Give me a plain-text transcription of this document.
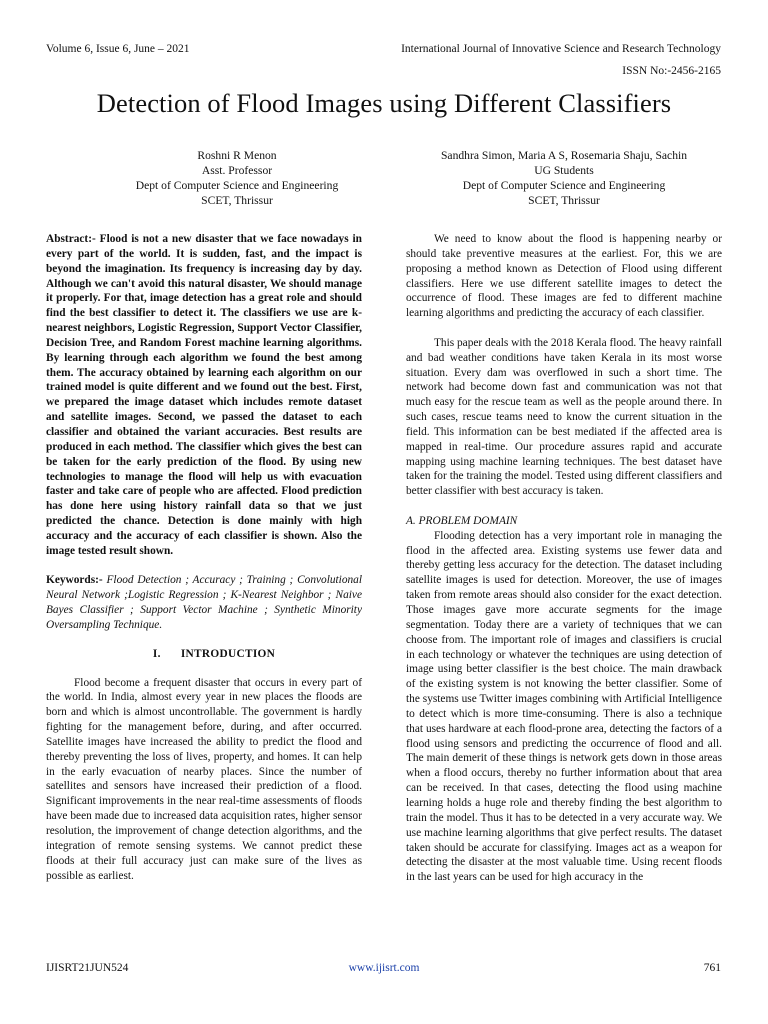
Volume 6, Issue 6, June – 2021	International Journal of Innovative Science and Research Technology
ISSN No:-2456-2165
Detection of Flood Images using Different Classifiers
Roshni R Menon
Asst. Professor
Dept of Computer Science and Engineering
SCET, Thrissur
Sandhra Simon, Maria A S, Rosemaria Shaju, Sachin
UG Students
Dept of Computer Science and Engineering
SCET, Thrissur

Abstract:- Flood is not a new disaster that we face nowadays in every part of the world. It is sudden, fast, and the impact is beyond the imagination. Its frequency is increasing day by day. Although we can't avoid this natural disaster, We should manage it properly. For that, image detection has a great role and should find the best classifier to detect it. The classifiers we use are k-nearest neighbors, Logistic Regression, Support Vector Classifier, Decision Tree, and Random Forest machine learning algorithms. By learning through each algorithm we found the best among them. The accuracy obtained by learning each algorithm on our trained model is quite different and we found out the best. First, we prepared the image dataset which includes remote dataset and satellite images. Second, we passed the dataset to each classifier and obtained the variant accuracies. Best results are produced in each method. The classifier which gives the best can be taken for the early prediction of the flood. By using new technologies to manage the flood will help us with evacuation faster and take care of people who are affected. Flood prediction has done here using history rainfall data so that we just predicted the chance. Detection is done mainly with high accuracy and the accuracy of each classifier is shown. Also the image tested result shown.

Keywords:- Flood Detection ; Accuracy ; Training ; Convolutional Neural Network ;Logistic Regression ; K-Nearest Neighbor ; Naive Bayes Classifier ; Support Vector Machine ; Synthetic Minority Oversampling Technique.

I. INTRODUCTION

Flood become a frequent disaster that occurs in every part of the world. In India, almost every year in new places the floods are born and which is almost uncontrollable. The government is hardly fighting for the management before, during, and after occurred. Satellite images have increased the ability to predict the flood and thereby preventing the loss of lives, property, and homes. It can help in the early evacuation of nearby places. Since the number of satellites and sensors have increased their prediction of a flood. Significant improvements in the near real-time assessments of floods have been made due to increased data acquisition rates, higher sensor resolution, the improvement of change detection algorithms, and the integration of remote sensing systems. We cannot predict these floods at their full accuracy just can make sure of the lives as possible as earliest.

We need to know about the flood is happening nearby or should take preventive measures at the earliest. For, this we are proposing a method known as Detection of Flood using different classifiers. Here we use different satellite images to detect the occurrence of flood. These images are fed to different machine learning algorithms and predicting the accuracy of each classifier.

This paper deals with the 2018 Kerala flood. The heavy rainfall and bad weather conditions have taken Kerala in its most worse situation. Every dam was overflowed in such a short time. The network had become down fast and communication was not that much easy for the rescue team as well as the people around there. In such cases, rescue teams need to know the current situation in the field. This information can be best mediated if the affected area is mapped in real-time. Our procedure assures rapid and accurate mapping using machine learning techniques. The best dataset have taken for the training the model. Tested using different classifiers and better classifier with best accuracy is taken.

A. PROBLEM DOMAIN

Flooding detection has a very important role in managing the flood in the affected area. Existing systems use fewer data and thereby getting less accuracy for the detection. The dataset including satellite images is used for detection. Moreover, the use of images taken from remote areas should also consider for the exact detection. Those images gave more accurate segments for the image segmentation. Today there are a variety of techniques that we can choose from. The important role of images and classifiers is crucial in each technology or whatever the techniques are using detection of image using better classifier is the best choice. The main drawback of the existing system is not knowing the better classifier. Some of the systems use Twitter images combining with Artificial Intelligence to detect which is more time-consuming. There is also a technique that uses hardware at each flood-prone area, detecting the factors of a flood using sensors and predicting the occurrence of flood and all. The main demerit of these things is network gets down in those areas when a flood occurs, thereby no further information about that area can be received. In that cases, detecting the flood using machine learning holds a huge role and thereby finding the best algorithm to train the model. Thus it has to be detected in a very accurate way. We use machine learning algorithms that give perfect results. The dataset taken should be accurate for classifying. Images act as a weapon for detecting the disaster at the most valuable time. Using recent floods in the last years can be used for high accuracy in the

IJISRT21JUN524	www.ijisrt.com	761
